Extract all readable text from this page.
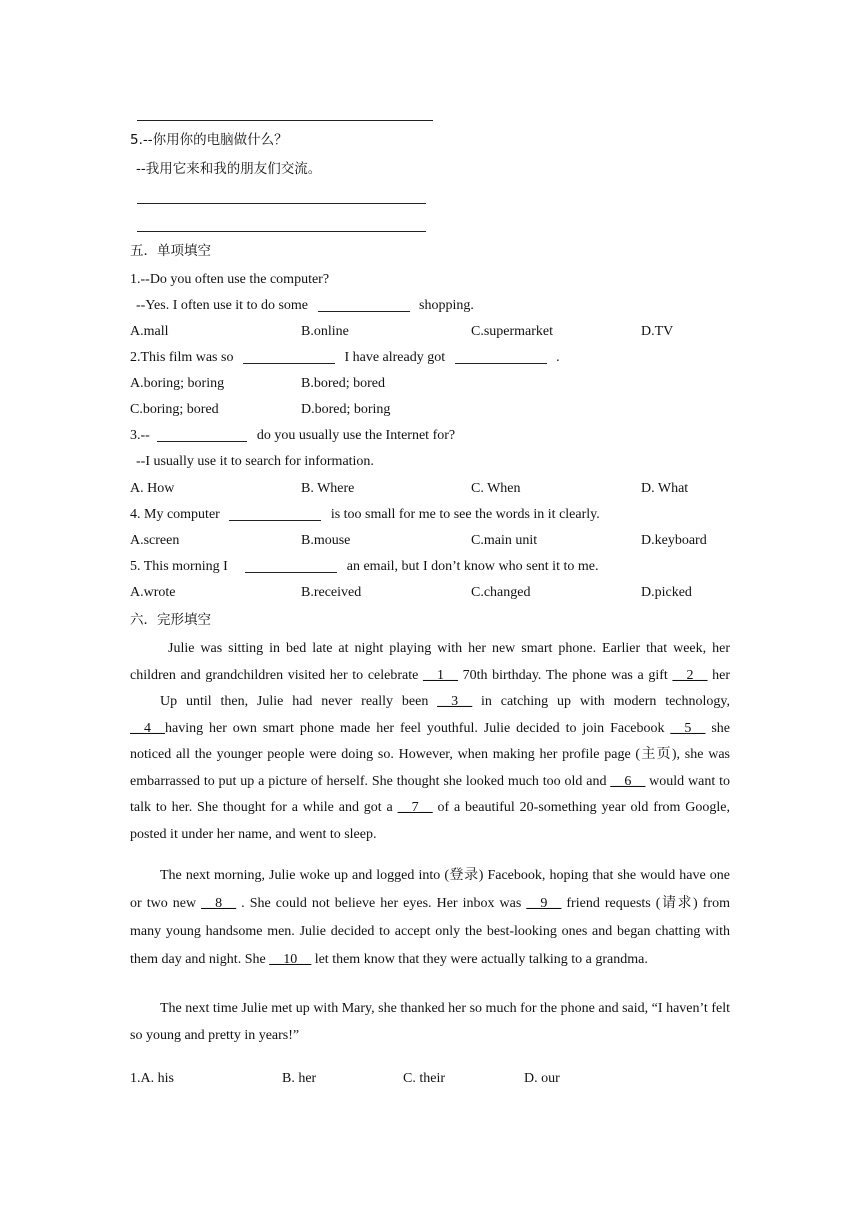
5.--你用你的电脑做什么？
--我用它来和我的朋友们交流。
五．单项填空
1.--Do you often use the computer?
--Yes. I often use it to do some	shopping.
A.mall	B.online	C.supermarket	D.TV
2.This film was so	I have already got	.
A.boring; boring	B.bored; bored
C.boring; bored	D.bored; boring
3.--	do you usually use the Internet for?
--I usually use it to search for information.
A. How	B. Where	C. When	D. What
4. My computer	is too small for me to see the words in it clearly.
A.screen	B.mouse	C.main unit	D.keyboard
5. This morning I	an email, but I don’t know who sent it to me.
A.wrote	B.received	C.changed	D.picked
六．完形填空

Julie was sitting in bed late at night playing with her new smart phone. Earlier that week, her children and grandchildren visited her to celebrate __1__ 70th birthday. The phone was a gift __2__ her

Up until then, Julie had never really been __3__ in catching up with modern technology, __4__having her own smart phone made her feel youthful. Julie decided to join Facebook __5__ she noticed all the younger people were doing so. However, when making her profile page (主页), she was embarrassed to put up a picture of herself. She thought she looked much too old and __6__ would want to talk to her. She thought for a while and got a __7__ of a beautiful 20-something year old from Google, posted it under her name, and went to sleep.

The next morning, Julie woke up and logged into (登录) Facebook, hoping that she would have one or two new __8__ . She could not believe her eyes. Her inbox was __9__ friend requests (请求) from many young handsome men. Julie decided to accept only the best-looking ones and began chatting with them day and night. She __10__ let them know that they were actually talking to a grandma.

The next time Julie met up with Mary, she thanked her so much for the phone and said, “I haven’t felt so young and pretty in years!”

1.A. his	B. her	C. their	D. our
